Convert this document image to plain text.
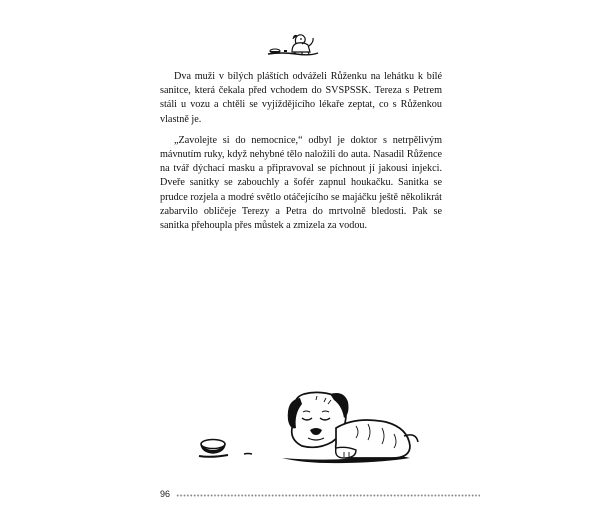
Dva muži v bílých pláštích odváželi Růženku na lehátku k bílé sanitce, která čekala před vchodem do SVSPSSK. Tereza s Petrem stáli u vozu a chtěli se vyjíždějícího lékaře zeptat, co s Růženkou vlastně je.

„Zavolejte si do nemocnice,“ odbyl je doktor s netrpělivým mávnutím ruky, když nehybné tělo naložili do auta. Nasadil Růžence na tvář dýchací masku a připravoval se píchnout jí jakousi injekci. Dveře sanitky se zabouchly a šofér zapnul houkačku. Sanitka se prudce rozjela a modré světlo otáčejícího se majáčku ještě několikrát zabarvilo obličeje Terezy a Petra do mrtvolně bledosti. Pak se sanitka přehoupla přes můstek a zmizela za vodou.

96
